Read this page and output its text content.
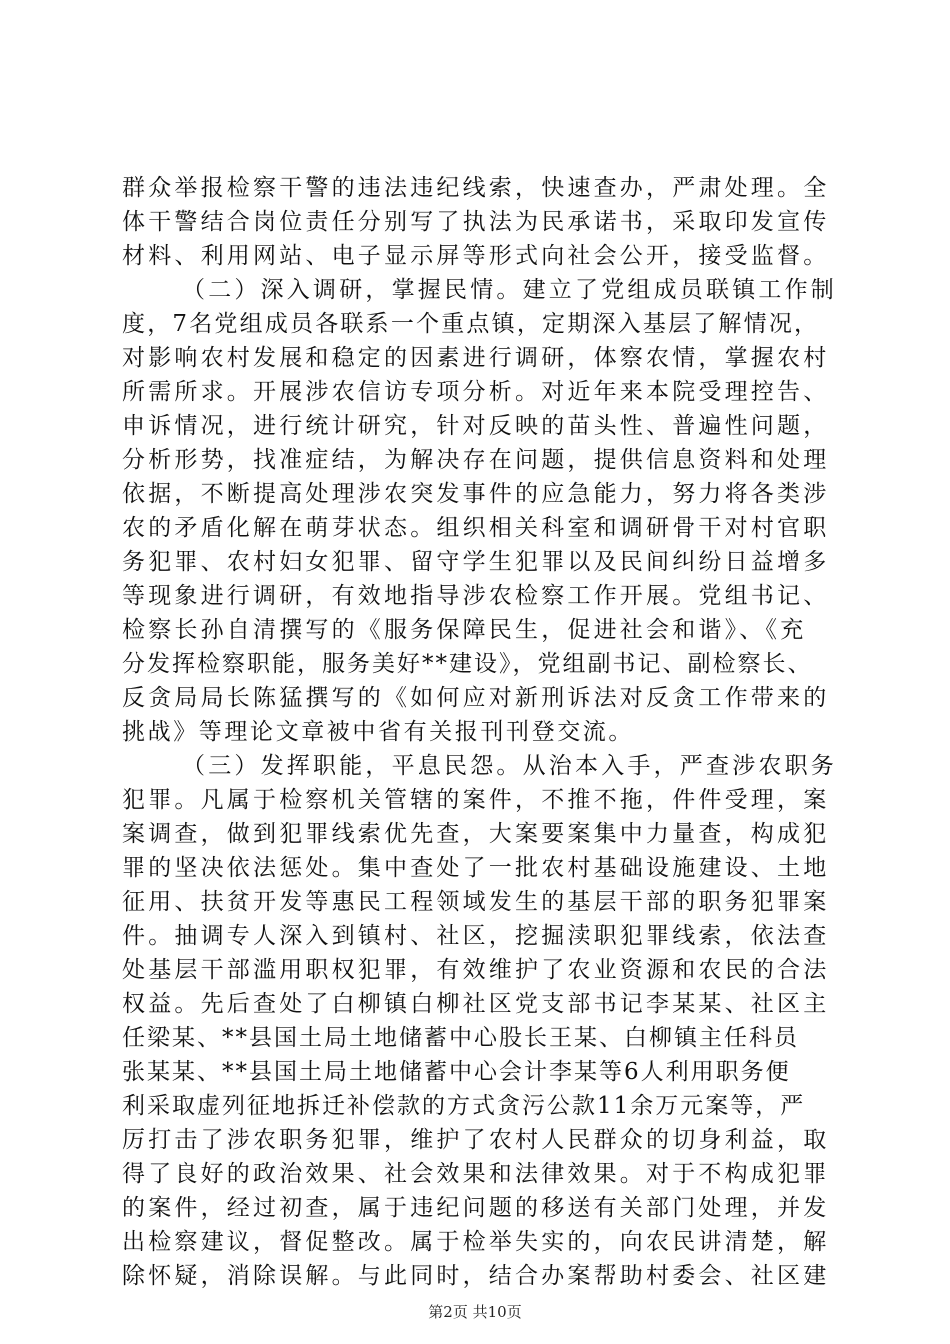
群众举报检察干警的违法违纪线索，快速查办，严肃处理。全
体干警结合岗位责任分别写了执法为民承诺书，采取印发宣传
材料、利用网站、电子显示屏等形式向社会公开，接受监督。
（二）深入调研，掌握民情。建立了党组成员联镇工作制
度，7名党组成员各联系一个重点镇，定期深入基层了解情况，
对影响农村发展和稳定的因素进行调研，体察农情，掌握农村
所需所求。开展涉农信访专项分析。对近年来本院受理控告、
申诉情况，进行统计研究，针对反映的苗头性、普遍性问题，
分析形势，找准症结，为解决存在问题，提供信息资料和处理
依据，不断提高处理涉农突发事件的应急能力，努力将各类涉
农的矛盾化解在萌芽状态。组织相关科室和调研骨干对村官职
务犯罪、农村妇女犯罪、留守学生犯罪以及民间纠纷日益增多
等现象进行调研，有效地指导涉农检察工作开展。党组书记、
检察长孙自清撰写的《服务保障民生，促进社会和谐》、《充
分发挥检察职能，服务美好**建设》，党组副书记、副检察长、
反贪局局长陈猛撰写的《如何应对新刑诉法对反贪工作带来的
挑战》等理论文章被中省有关报刊刊登交流。
（三）发挥职能，平息民怨。从治本入手，严查涉农职务
犯罪。凡属于检察机关管辖的案件，不推不拖，件件受理，案
案调查，做到犯罪线索优先查，大案要案集中力量查，构成犯
罪的坚决依法惩处。集中查处了一批农村基础设施建设、土地
征用、扶贫开发等惠民工程领域发生的基层干部的职务犯罪案
件。抽调专人深入到镇村、社区，挖掘渎职犯罪线索，依法查
处基层干部滥用职权犯罪，有效维护了农业资源和农民的合法
权益。先后查处了白柳镇白柳社区党支部书记李某某、社区主
任梁某、**县国土局土地储蓄中心股长王某、白柳镇主任科员
张某某、**县国土局土地储蓄中心会计李某等6人利用职务便
利采取虚列征地拆迁补偿款的方式贪污公款11余万元案等，严
厉打击了涉农职务犯罪，维护了农村人民群众的切身利益，取
得了良好的政治效果、社会效果和法律效果。对于不构成犯罪
的案件，经过初查，属于违纪问题的移送有关部门处理，并发
出检察建议，督促整改。属于检举失实的，向农民讲清楚，解
除怀疑，消除误解。与此同时，结合办案帮助村委会、社区建
第2页 共10页
